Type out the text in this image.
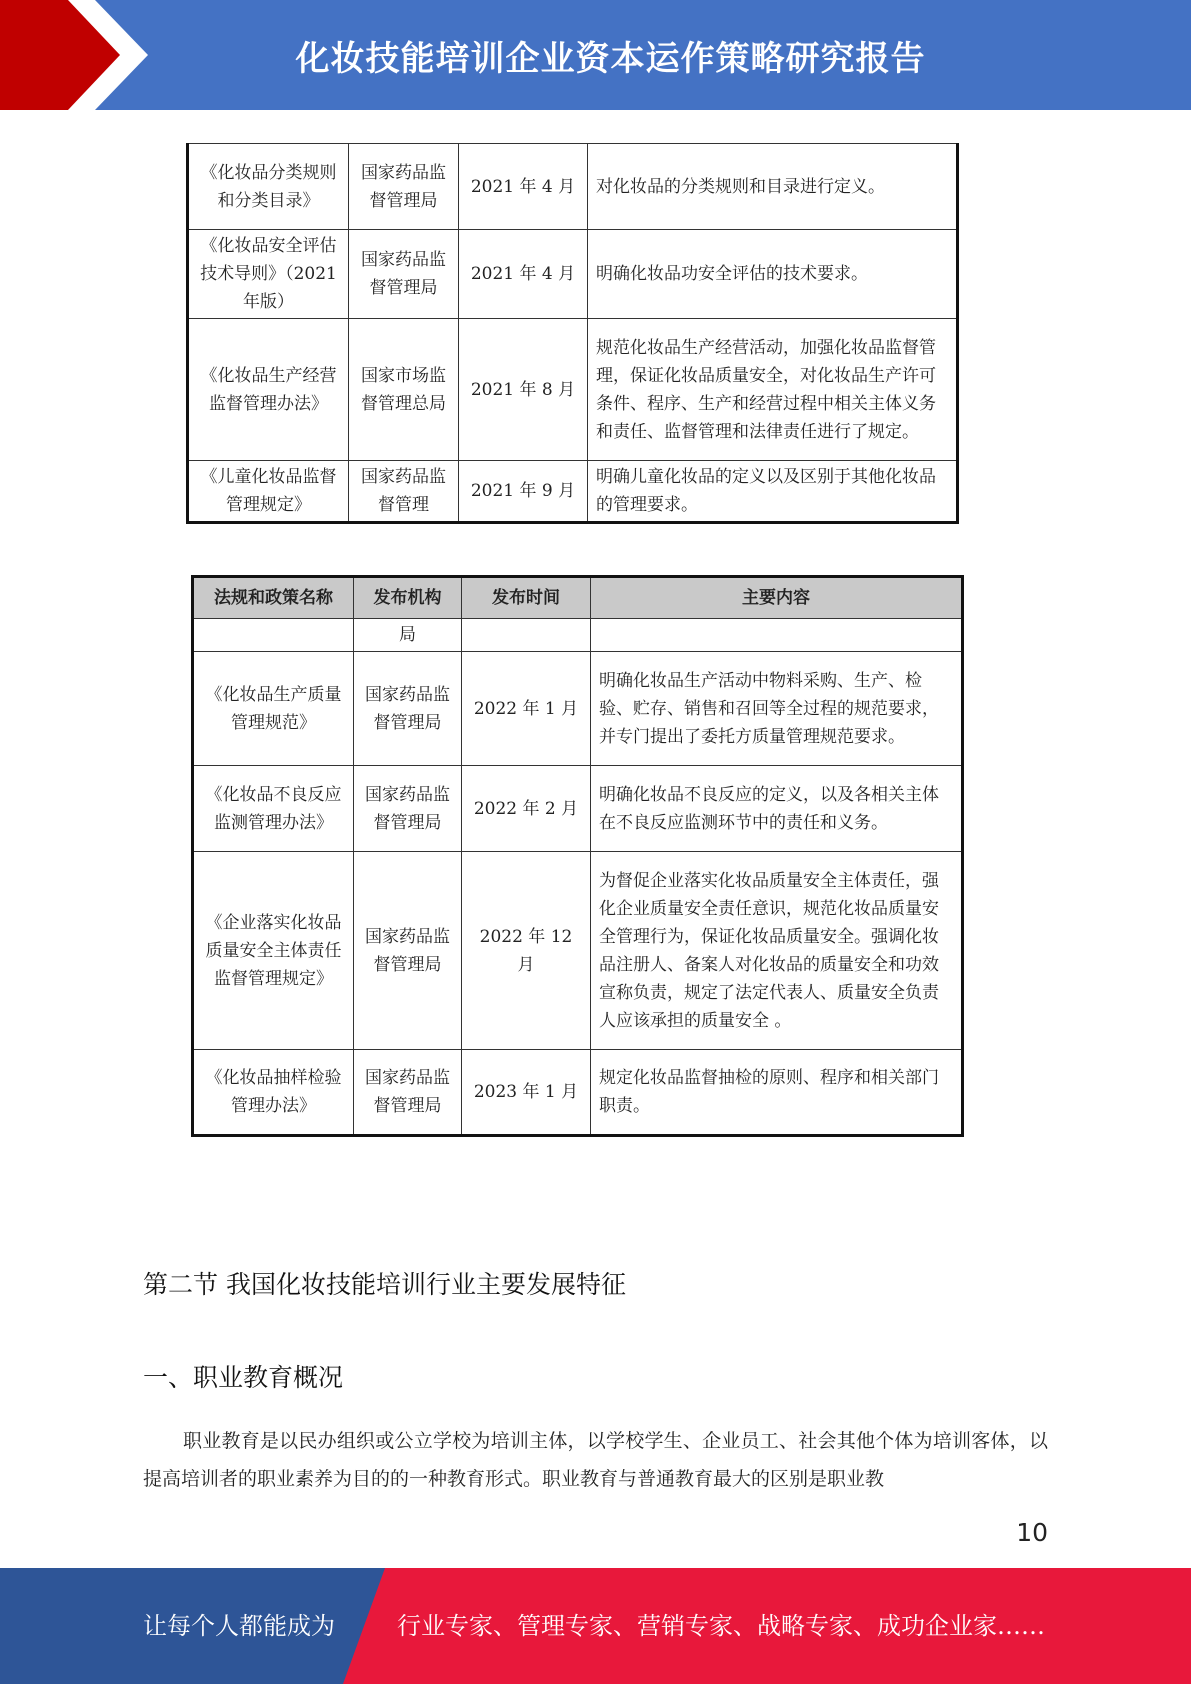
化妆技能培训企业资本运作策略研究报告
《化妆品分类规则和分类目录》	国家药品监督管理局	2021 年 4 月	对化妆品的分类规则和目录进行定义。
《化妆品安全评估技术导则》（2021 年版）	国家药品监督管理局	2021 年 4 月	明确化妆品功安全评估的技术要求。
《化妆品生产经营监督管理办法》	国家市场监督管理总局	2021 年 8 月	规范化妆品生产经营活动，加强化妆品监督管理，保证化妆品质量安全，对化妆品生产许可条件、程序、生产和经营过程中相关主体义务和责任、监督管理和法律责任进行了规定。
《儿童化妆品监督管理规定》	国家药品监督管理	2021 年 9 月	明确儿童化妆品的定义以及区别于其他化妆品的管理要求。
法规和政策名称	发布机构	发布时间	主要内容
	局		
《化妆品生产质量管理规范》	国家药品监督管理局	2022 年 1 月	明确化妆品生产活动中物料采购、生产、检验、贮存、销售和召回等全过程的规范要求，并专门提出了委托方质量管理规范要求。
《化妆品不良反应监测管理办法》	国家药品监督管理局	2022 年 2 月	明确化妆品不良反应的定义，以及各相关主体在不良反应监测环节中的责任和义务。
《企业落实化妆品质量安全主体责任监督管理规定》	国家药品监督管理局	2022 年 12 月	为督促企业落实化妆品质量安全主体责任，强化企业质量安全责任意识，规范化妆品质量安全管理行为，保证化妆品质量安全。强调化妆品注册人、备案人对化妆品的质量安全和功效宣称负责，规定了法定代表人、质量安全负责人应该承担的质量安全 。
《化妆品抽样检验管理办法》	国家药品监督管理局	2023 年 1 月	规定化妆品监督抽检的原则、程序和相关部门职责。
第二节 我国化妆技能培训行业主要发展特征
一、职业教育概况

职业教育是以民办组织或公立学校为培训主体，以学校学生、企业员工、社会其他个体为培训客体，以提高培训者的职业素养为目的的一种教育形式。职业教育与普通教育最大的区别是职业教

10
让每个人都能成为	行业专家、管理专家、营销专家、战略专家、成功企业家……
